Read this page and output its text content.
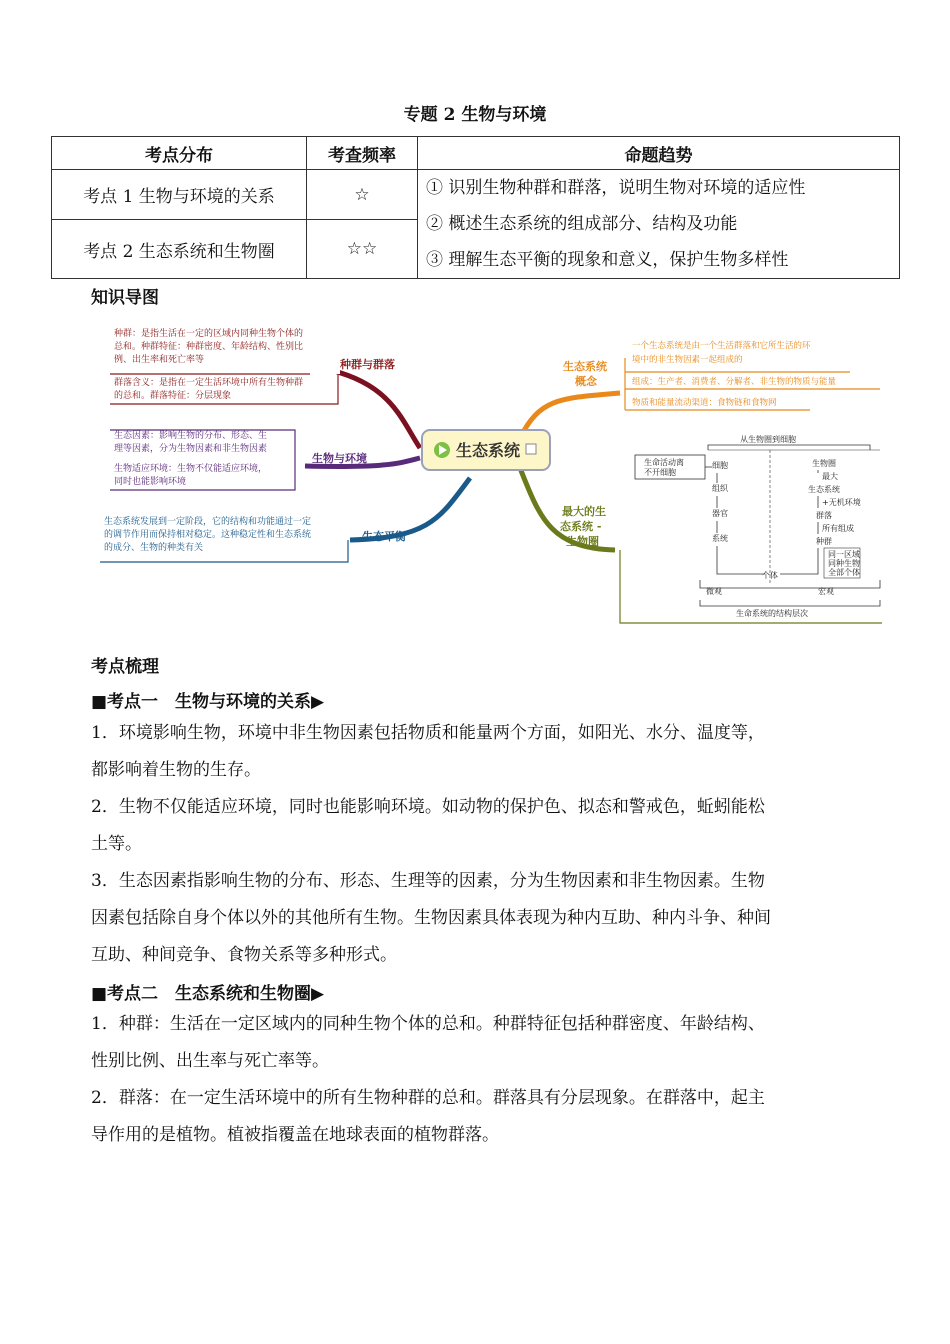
专题 2 生物与环境
考点分布	考查频率	命题趋势
考点 1 生物与环境的关系	☆	① 识别生物种群和群落，说明生物对环境的适应性
② 概述生态系统的组成部分、结构及功能
③ 理解生态平衡的现象和意义，保护生物多样性

考点 2 生态系统和生物圈	☆☆	
知识导图
种群：是指生活在一定的区域内同种生物个体的
总和。种群特征：种群密度、年龄结构、性别比
例、出生率和死亡率等
群落含义：是指在一定生活环境中所有生物种群
的总和。群落特征：分层现象
生态因素：影响生物的分布、形态、生
理等因素，分为生物因素和非生物因素
生物适应环境：生物不仅能适应环境，
同时也能影响环境
生态系统发展到一定阶段，它的结构和功能通过一定
的调节作用而保持相对稳定。这种稳定性和生态系统
的成分、生物的种类有关
种群与群落
生物与环境
生态平衡
生态系统
生态系统
概念
一个生态系统是由一个生活群落和它所生活的环
境中的非生物因素一起组成的
组成：生产者、消费者、分解者、非生物的物质与能量
物质和能量流动渠道：食物链和食物网
最大的生
态系统 -
生物圈
从生物圈到细胞
生命活动离
不开细胞
细胞
组织
器官
系统
生物圈
最大
生态系统
+无机环境
群落
所有组成
种群
同一区域
同种生物
全部个体
个体
微观	宏观
生命系统的结构层次
考点梳理
■考点一　生物与环境的关系▶
1．环境影响生物，环境中非生物因素包括物质和能量两个方面，如阳光、水分、温度等，
都影响着生物的生存。
2．生物不仅能适应环境，同时也能影响环境。如动物的保护色、拟态和警戒色，蚯蚓能松
土等。
3．生态因素指影响生物的分布、形态、生理等的因素，分为生物因素和非生物因素。生物
因素包括除自身个体以外的其他所有生物。生物因素具体表现为种内互助、种内斗争、种间
互助、种间竞争、食物关系等多种形式。
■考点二　生态系统和生物圈▶
1．种群：生活在一定区域内的同种生物个体的总和。种群特征包括种群密度、年龄结构、
性别比例、出生率与死亡率等。
2．群落：在一定生活环境中的所有生物种群的总和。群落具有分层现象。在群落中，起主
导作用的是植物。植被指覆盖在地球表面的植物群落。
